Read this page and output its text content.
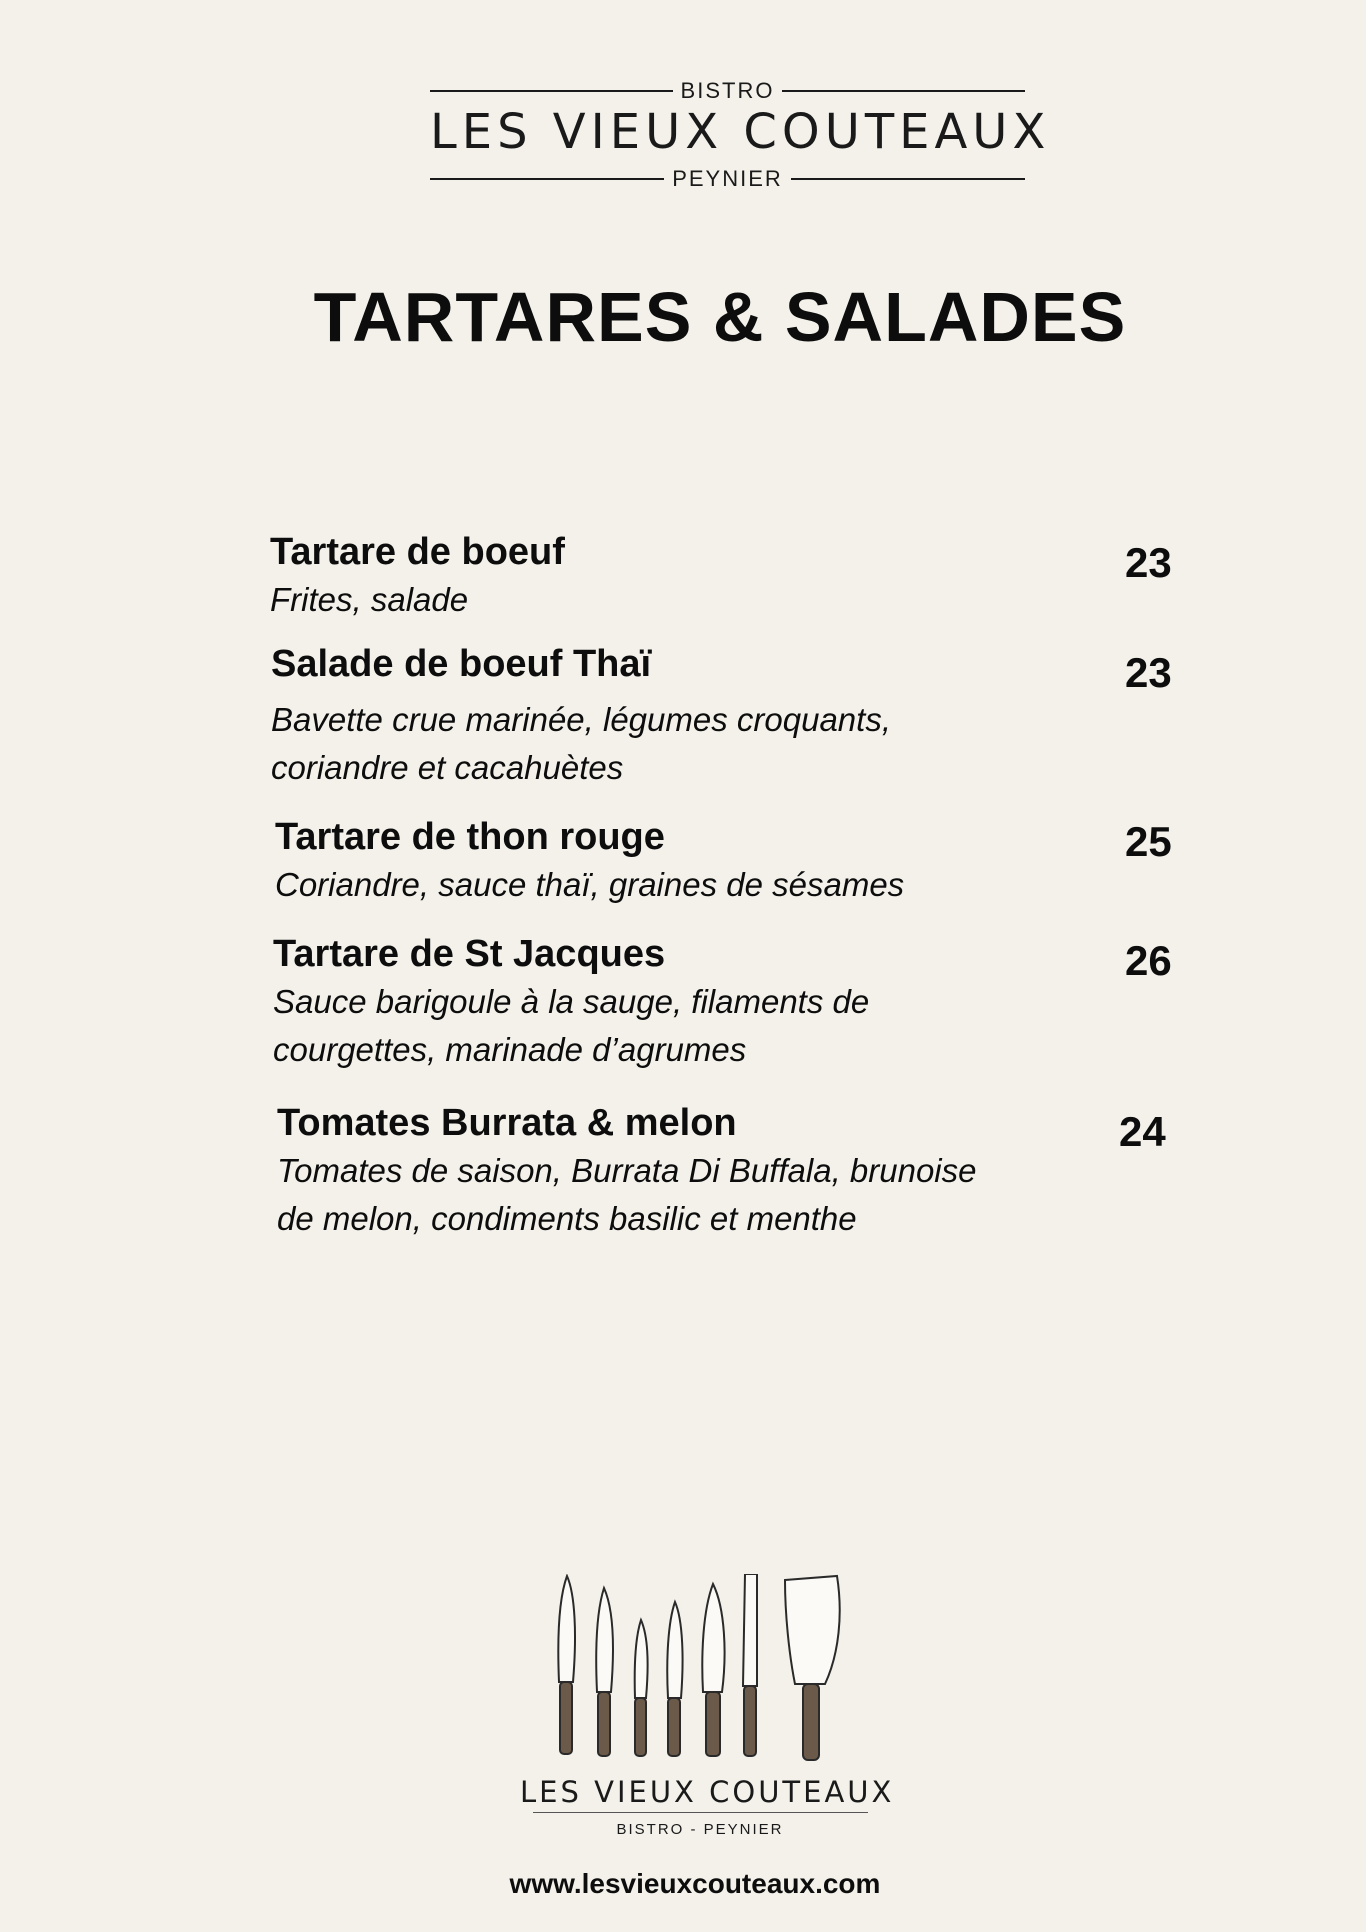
BISTRO
LES VIEUX COUTEAUX
PEYNIER
TARTARES & SALADES
Tartare de boeuf
Frites, salade
23
Salade de boeuf Thaï
Bavette crue marinée, légumes croquants,
coriandre et cacahuètes
23
Tartare de thon rouge
Coriandre, sauce thaï, graines de sésames
25
Tartare de St Jacques
Sauce barigoule à la sauge, filaments de
courgettes, marinade d’agrumes
26
Tomates Burrata & melon
Tomates de saison, Burrata Di Buffala, brunoise
de melon, condiments basilic et menthe
24
LES VIEUX COUTEAUX
BISTRO - PEYNIER
www.lesvieuxcouteaux.com
